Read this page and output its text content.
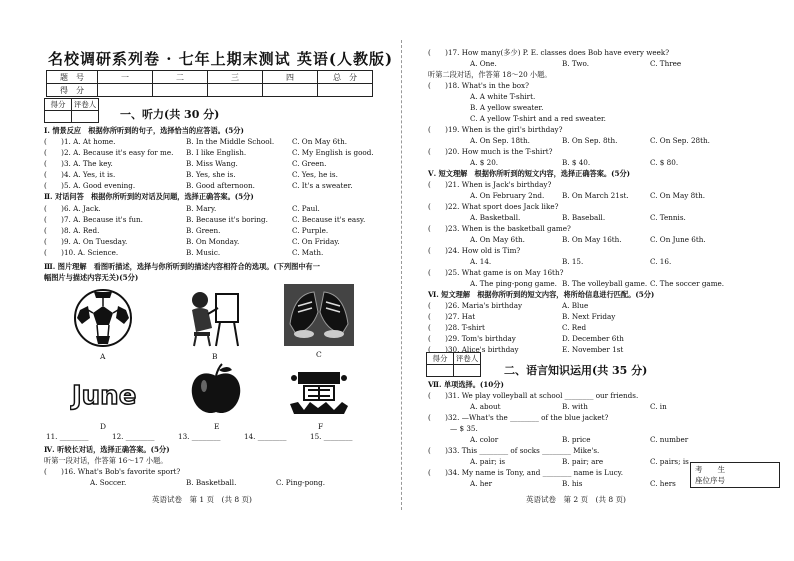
名校调研系列卷 · 七年上期末测试 英语(人教版)
题　号	一	二	三	四	总　分
得　分					
得分	评卷人

一、听力(共 30 分)
Ⅰ. 情景反应　根据你所听到的句子，选择恰当的应答语。(5分)
(　　)1. A. At home.	B. In the Middle School. C. On May 6th.
(　　)2. A. Because it's easy for me. B. I like English.	C. My English is good.
(　　)3. A. The key.	B. Miss Wang.	C. Green.
(　　)4. A. Yes, it is.	B. Yes, she is.	C. Yes, he is.
(　　)5. A. Good evening.	B. Good afternoon.	C. It's a sweater.
Ⅱ. 对话问答　根据你所听到的对话及问题，选择正确答案。(5分)
(　　)6. A. Jack.	B. Mary.	C. Paul.
(　　)7. A. Because it's fun.	B. Because it's boring.	C. Because it's easy.
(　　)8. A. Red.	B. Green.	C. Purple.
(　　)9. A. On Tuesday.	B. On Monday.	C. On Friday.
(　　)10. A. Science.	B. Music.	C. Math.
Ⅲ. 图片理解　看图听描述，选择与你所听到的描述内容相符合的选项。(下列图中有一
幅图片与描述内容无关)(5分)
A	B	C
June
D	E	F
11. ________	12. ________	13. ________	14. ________	15. ________
Ⅳ. 听较长对话，选择正确答案。(5分)
听第一段对话，作答第 16～17 小题。
(　　)16. What's Bob's favorite sport?
A. Soccer.	B. Basketball.	C. Ping-pong.
英语试卷　第 1 页　(共 8 页)
(　　)17. How many(多少) P. E. classes does Bob have every week?
A. One.	B. Two.	C. Three
听第二段对话，作答第 18～20 小题。
(　　)18. What's in the box?
A. A white T-shirt.
B. A yellow sweater.
C. A yellow T-shirt and a red sweater.
(　　)19. When is the girl's birthday?
A. On Sep. 18th.	B. On Sep. 8th.	C. On Sep. 28th.
(　　)20. How much is the T-shirt?
A. $ 20.	B. $ 40.	C. $ 80.
Ⅴ. 短文理解　根据你所听到的短文内容，选择正确答案。(5分)
(　　)21. When is Jack's birthday?
A. On February 2nd. B. On March 21st.	C. On May 8th.
(　　)22. What sport does Jack like?
A. Basketball.	B. Baseball.	C. Tennis.
(　　)23. When is the basketball game?
A. On May 6th.	B. On May 16th.	C. On June 6th.
(　　)24. How old is Tim?
A. 14.	B. 15.	C. 16.
(　　)25. What game is on May 16th?
A. The ping-pong game. B. The volleyball game. C. The soccer game.
Ⅵ. 短文理解　根据你所听到的短文内容，将所给信息进行匹配。(5分)
(　　)26. Maria's birthday	A. Blue
(　　)27. Hat	B. Next Friday
(　　)28. T-shirt	C. Red
(　　)29. Tom's birthday	D. December 6th
(　　)30. Alice's birthday	E. November 1st
Ⅶ. 单项选择。(10分)
(　　)31. We play volleyball at school ________ our friends.
A. about	B. with	C. in
(　　)32. —What's the ________ of the blue jacket?
— $ 35.
A. color	B. price	C. number
(　　)33. This ________ of socks ________ Mike's.
A. pair; is	B. pair; are	C. pairs; is
(　　)34. My name is Tony, and ________ name is Lucy.
A. her	B. his	C. hers
得分	评卷人

二、语言知识运用(共 35 分)
考　　生
座位序号
英语试卷　第 2 页　(共 8 页)
